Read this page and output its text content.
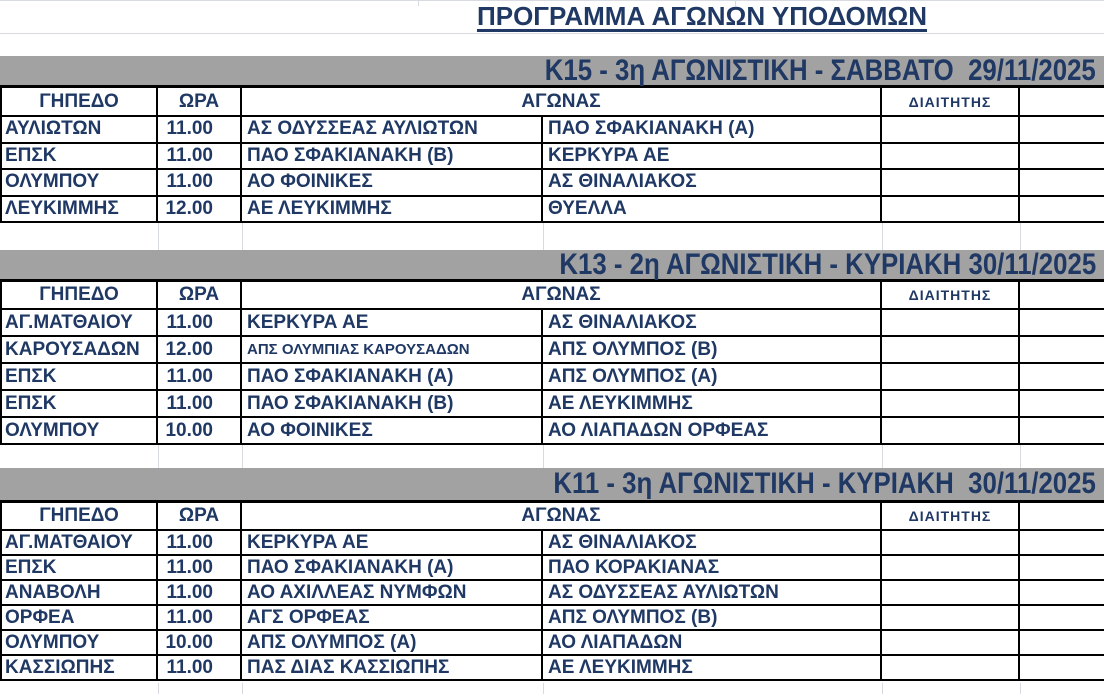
ΠΡΟΓΡΑΜΜΑ ΑΓΩΝΩΝ ΥΠΟΔΟΜΩΝ
Κ15 - 3η ΑΓΩΝΙΣΤΙΚΗ - ΣΑΒΒΑΤΟ  29/11/2025
ΓΗΠΕΔΟ	ΩΡΑ	ΑΓΩΝΑΣ	ΔΙΑΙΤΗΤΗΣ
ΑΥΛΙΩΤΩΝ	11.00	ΑΣ ΟΔΥΣΣΕΑΣ ΑΥΛΙΩΤΩΝ	ΠΑΟ ΣΦΑΚΙΑΝΑΚΗ (Α)
ΕΠΣΚ	11.00	ΠΑΟ ΣΦΑΚΙΑΝΑΚΗ (Β)	ΚΕΡΚΥΡΑ ΑΕ
ΟΛΥΜΠΟΥ	11.00	ΑΟ ΦΟΙΝΙΚΕΣ	ΑΣ ΘΙΝΑΛΙΑΚΟΣ
ΛΕΥΚΙΜΜΗΣ	12.00	ΑΕ ΛΕΥΚΙΜΜΗΣ	ΘΥΕΛΛΑ
Κ13 - 2η ΑΓΩΝΙΣΤΙΚΗ - ΚΥΡΙΑΚΗ 30/11/2025
ΓΗΠΕΔΟ	ΩΡΑ	ΑΓΩΝΑΣ	ΔΙΑΙΤΗΤΗΣ
ΑΓ.ΜΑΤΘΑΙΟΥ	11.00	ΚΕΡΚΥΡΑ ΑΕ	ΑΣ ΘΙΝΑΛΙΑΚΟΣ
ΚΑΡΟΥΣΑΔΩΝ	12.00	ΑΠΣ ΟΛΥΜΠΙΑΣ ΚΑΡΟΥΣΑΔΩΝ	ΑΠΣ ΟΛΥΜΠΟΣ (Β)
ΕΠΣΚ	11.00	ΠΑΟ ΣΦΑΚΙΑΝΑΚΗ (Α)	ΑΠΣ ΟΛΥΜΠΟΣ (Α)
ΕΠΣΚ	11.00	ΠΑΟ ΣΦΑΚΙΑΝΑΚΗ (Β)	ΑΕ ΛΕΥΚΙΜΜΗΣ
ΟΛΥΜΠΟΥ	10.00	ΑΟ ΦΟΙΝΙΚΕΣ	ΑΟ ΛΙΑΠΑΔΩΝ ΟΡΦΕΑΣ
Κ11 - 3η ΑΓΩΝΙΣΤΙΚΗ - ΚΥΡΙΑΚΗ  30/11/2025
ΓΗΠΕΔΟ	ΩΡΑ	ΑΓΩΝΑΣ	ΔΙΑΙΤΗΤΗΣ
ΑΓ.ΜΑΤΘΑΙΟΥ	11.00	ΚΕΡΚΥΡΑ ΑΕ	ΑΣ ΘΙΝΑΛΙΑΚΟΣ
ΕΠΣΚ	11.00	ΠΑΟ ΣΦΑΚΙΑΝΑΚΗ (Α)	ΠΑΟ ΚΟΡΑΚΙΑΝΑΣ
ΑΝΑΒΟΛΗ	11.00	ΑΟ ΑΧΙΛΛΕΑΣ ΝΥΜΦΩΝ	ΑΣ ΟΔΥΣΣΕΑΣ ΑΥΛΙΩΤΩΝ
ΟΡΦΕΑ	11.00	ΑΓΣ ΟΡΦΕΑΣ	ΑΠΣ ΟΛΥΜΠΟΣ (Β)
ΟΛΥΜΠΟΥ	10.00	ΑΠΣ ΟΛΥΜΠΟΣ (Α)	ΑΟ ΛΙΑΠΑΔΩΝ
ΚΑΣΣΙΩΠΗΣ	11.00	ΠΑΣ ΔΙΑΣ ΚΑΣΣΙΩΠΗΣ	ΑΕ ΛΕΥΚΙΜΜΗΣ
